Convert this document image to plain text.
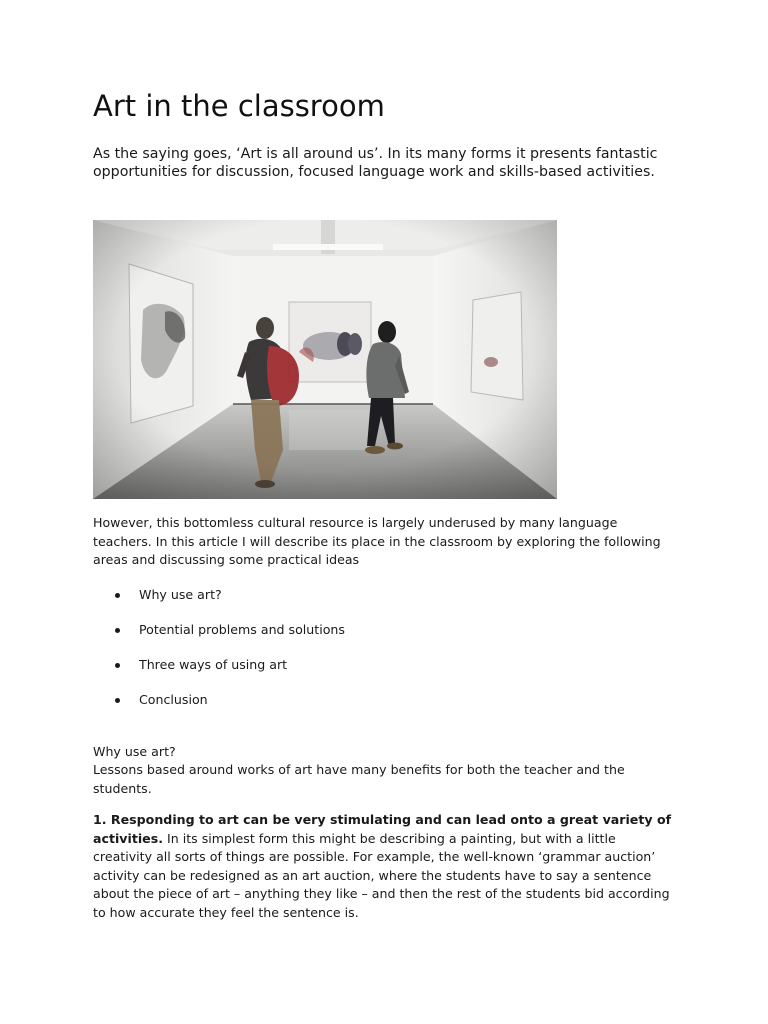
Art in the classroom

As the saying goes, ‘Art is all around us’. In its many forms it presents fantastic opportunities for discussion, focused language work and skills-based activities.

However, this bottomless cultural resource is largely underused by many language teachers. In this article I will describe its place in the classroom by exploring the following areas and discussing some practical ideas

Why use art?
Potential problems and solutions
Three ways of using art
Conclusion

Why use art?

Lessons based around works of art have many benefits for both the teacher and the students.

1. Responding to art can be very stimulating and can lead onto a great variety of activities. In its simplest form this might be describing a painting, but with a little creativity all sorts of things are possible. For example, the well-known ‘grammar auction’ activity can be redesigned as an art auction, where the students have to say a sentence about the piece of art – anything they like – and then the rest of the students bid according to how accurate they feel the sentence is.
